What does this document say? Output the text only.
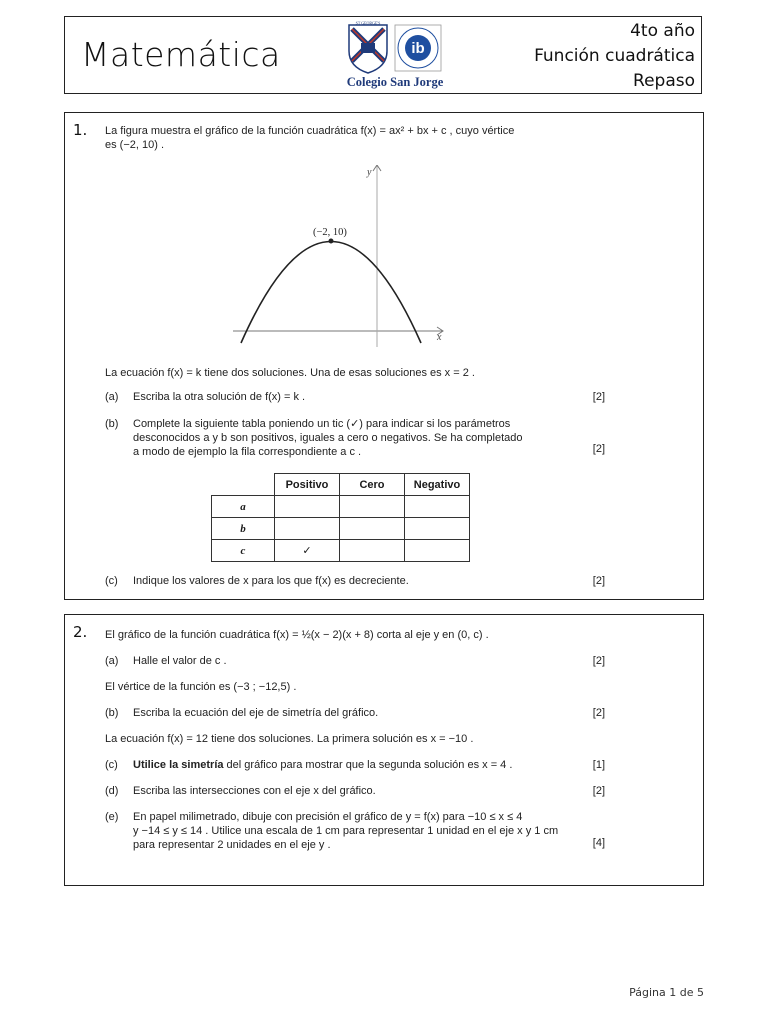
Matemática
ST GEORGE'S
ib
Colegio San Jorge
4to año
Función cuadrática
Repaso
1. La figura muestra el gráfico de la función cuadrática f(x) = ax² + bx + c , cuyo vértice
es (−2, 10) .
(−2, 10)
x
y
La ecuación f(x) = k tiene dos soluciones. Una de esas soluciones es x = 2 .
(a) Escriba la otra solución de f(x) = k .	[2]
(b) Complete la siguiente tabla poniendo un tic (✓) para indicar si los parámetros
desconocidos a y b son positivos, iguales a cero o negativos. Se ha completado
a modo de ejemplo la fila correspondiente a c .	[2]
	Positivo	Cero	Negativo
a			
b			
c	✓		
(c) Indique los valores de x para los que f(x) es decreciente.	[2]
2. El gráfico de la función cuadrática f(x) = ½(x − 2)(x + 8) corta al eje y en (0, c) .
(a) Halle el valor de c .	[2]
El vértice de la función es (−3 ; −12,5) .
(b) Escriba la ecuación del eje de simetría del gráfico.	[2]
La ecuación f(x) = 12 tiene dos soluciones. La primera solución es x = −10 .
(c) Utilice la simetría del gráfico para mostrar que la segunda solución es x = 4 .	[1]
(d) Escriba las intersecciones con el eje x del gráfico.	[2]
(e) En papel milimetrado, dibuje con precisión el gráfico de y = f(x) para −10 ≤ x ≤ 4
y −14 ≤ y ≤ 14 . Utilice una escala de 1 cm para representar 1 unidad en el eje x y 1 cm
para representar 2 unidades en el eje y .	[4]
Página 1 de 5
